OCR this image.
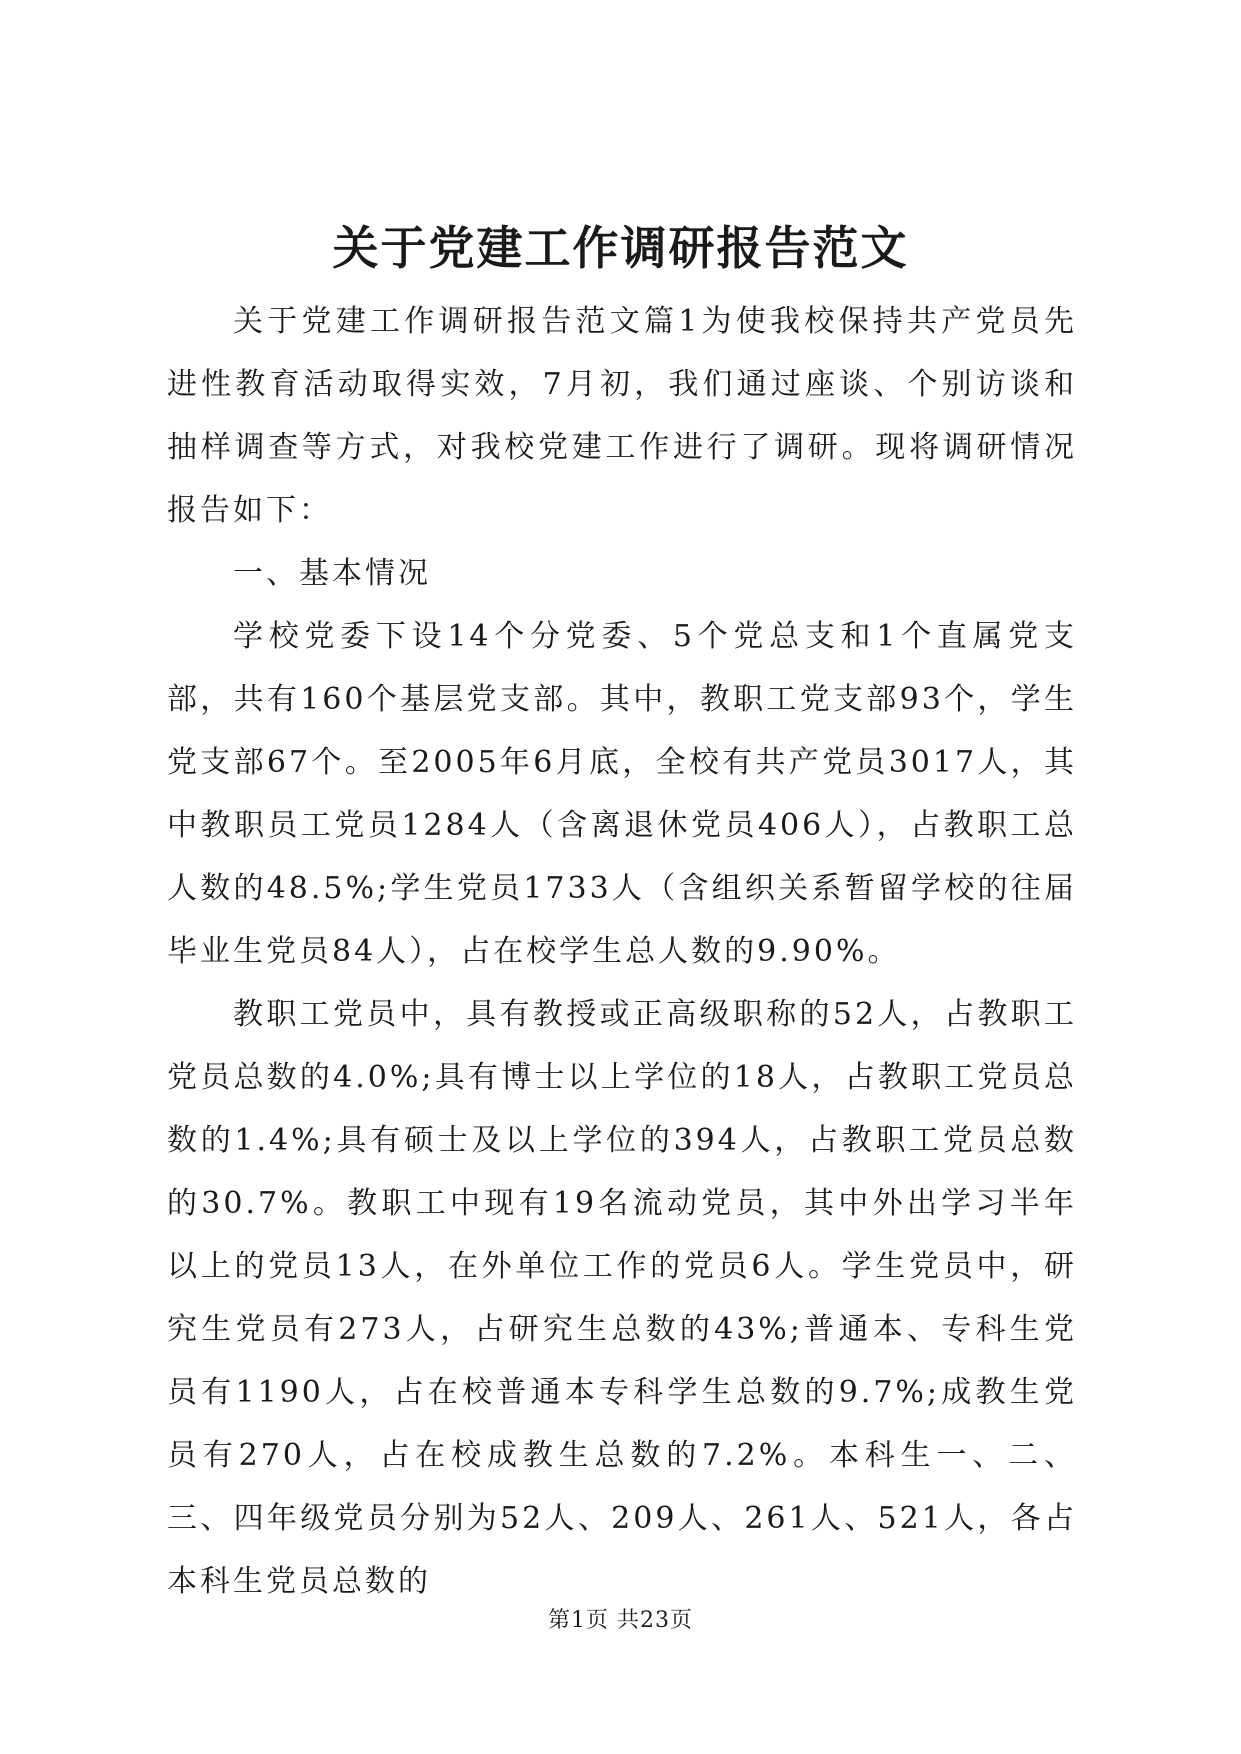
关于党建工作调研报告范文

关于党建工作调研报告范文篇1为使我校保持共产党员先进性教育活动取得实效，7月初，我们通过座谈、个别访谈和抽样调查等方式，对我校党建工作进行了调研。现将调研情况报告如下：

一、基本情况

学校党委下设14个分党委、5个党总支和1个直属党支部，共有160个基层党支部。其中，教职工党支部93个，学生党支部67个。至2005年6月底，全校有共产党员3017人，其中教职员工党员1284人（含离退休党员406人），占教职工总人数的48.5%;学生党员1733人（含组织关系暂留学校的往届毕业生党员84人），占在校学生总人数的9.90%。

教职工党员中，具有教授或正高级职称的52人，占教职工党员总数的4.0%;具有博士以上学位的18人，占教职工党员总数的1.4%;具有硕士及以上学位的394人，占教职工党员总数的30.7%。教职工中现有19名流动党员，其中外出学习半年以上的党员13人，在外单位工作的党员6人。学生党员中，研究生党员有273人，占研究生总数的43%;普通本、专科生党员有1190人，占在校普通本专科学生总数的9.7%;成教生党员有270人，占在校成教生总数的7.2%。本科生一、二、三、四年级党员分别为52人、209人、261人、521人，各占本科生党员总数的

第1页 共23页
